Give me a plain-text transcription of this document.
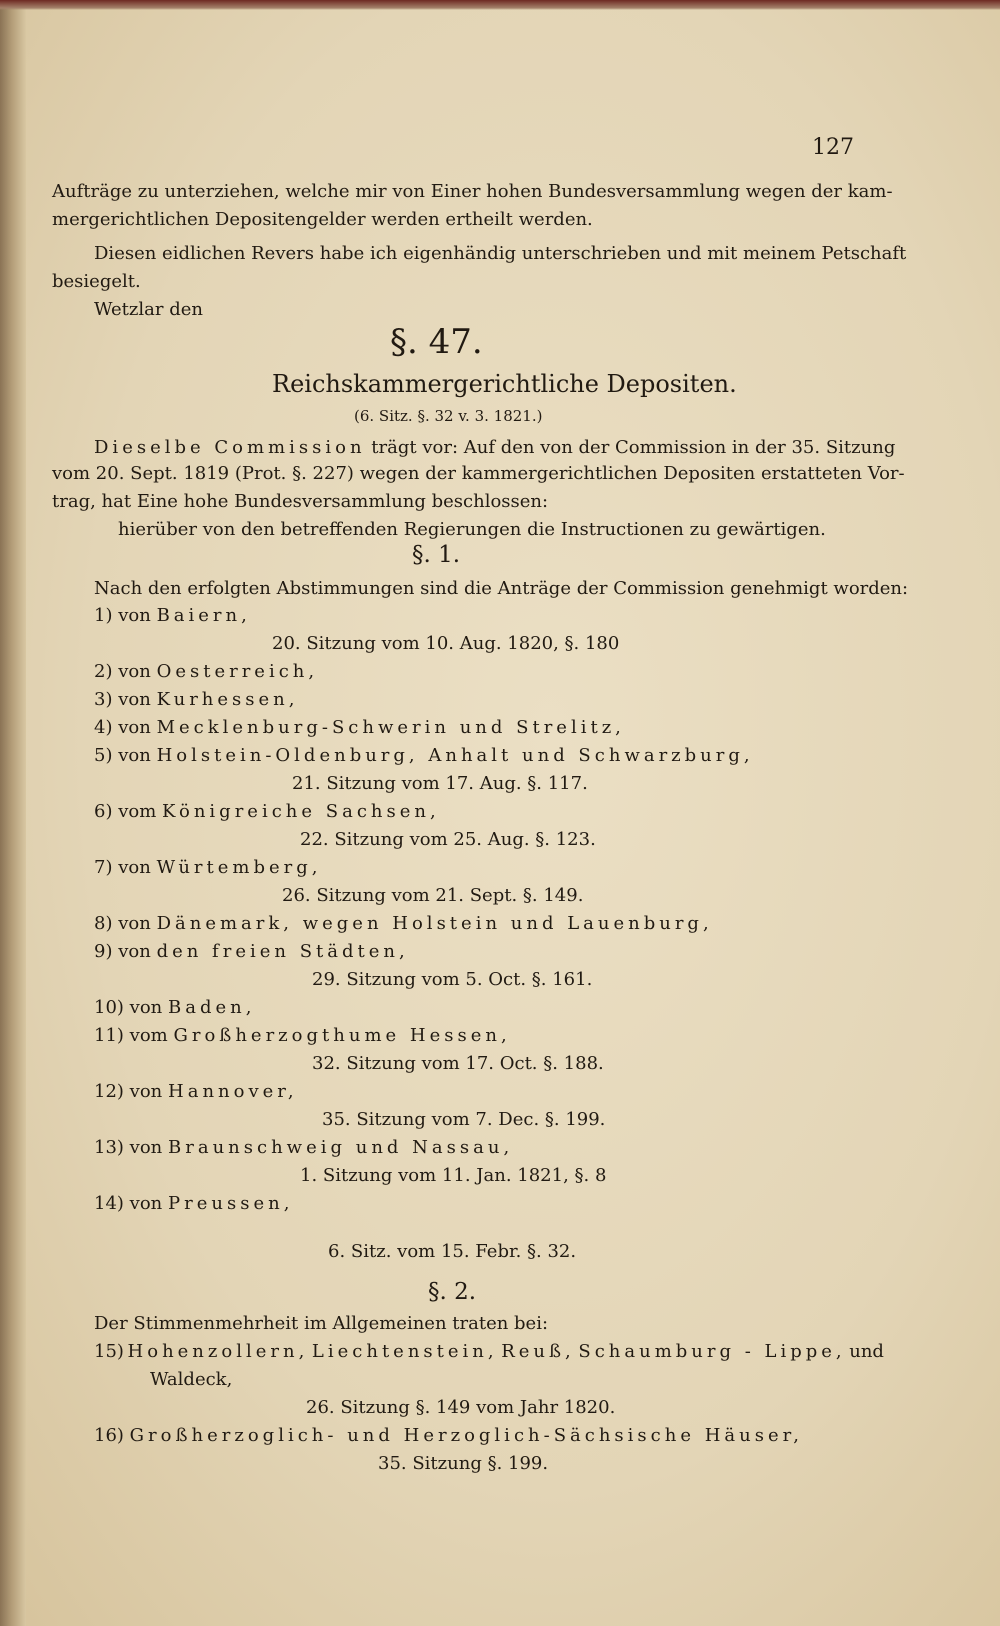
127
Aufträge zu unterziehen, welche mir von Einer hohen Bundesversammlung wegen der kam-
mergerichtlichen Depositengelder werden ertheilt werden.
Diesen eidlichen Revers habe ich eigenhändig unterschrieben und mit meinem Petschaft
besiegelt.
Wetzlar den
§. 47.
Reichskammergerichtliche Depositen.
(6. Sitz. §. 32 v. 3. 1821.)
Dieselbe Commission trägt vor: Auf den von der Commission in der 35. Sitzung
vom 20. Sept. 1819 (Prot. §. 227) wegen der kammergerichtlichen Depositen erstatteten Vor-
trag, hat Eine hohe Bundesversammlung beschlossen:
hierüber von den betreffenden Regierungen die Instructionen zu gewärtigen.
§. 1.
Nach den erfolgten Abstimmungen sind die Anträge der Commission genehmigt worden:
1) von Baiern,
20. Sitzung vom 10. Aug. 1820, §. 180
2) von Oesterreich,
3) von Kurhessen,
4) von Mecklenburg-Schwerin und Strelitz,
5) von Holstein-Oldenburg, Anhalt und Schwarzburg,
21. Sitzung vom 17. Aug. §. 117.
6) vom Königreiche Sachsen,
22. Sitzung vom 25. Aug. §. 123.
7) von Würtemberg,
26. Sitzung vom 21. Sept. §. 149.
8) von Dänemark, wegen Holstein und Lauenburg,
9) von den freien Städten,
29. Sitzung vom 5. Oct. §. 161.
10) von Baden,
11) vom Großherzogthume Hessen,
32. Sitzung vom 17. Oct. §. 188.
12) von Hannover,
35. Sitzung vom 7. Dec. §. 199.
13) von Braunschweig und Nassau,
1. Sitzung vom 11. Jan. 1821, §. 8
14) von Preussen,
6. Sitz. vom 15. Febr. §. 32.
§. 2.
Der Stimmenmehrheit im Allgemeinen traten bei:
15) Hohenzollern, Liechtenstein, Reuß, Schaumburg - Lippe, und
Waldeck,
26. Sitzung §. 149 vom Jahr 1820.
16) Großherzoglich- und Herzoglich-Sächsische Häuser,
35. Sitzung §. 199.
